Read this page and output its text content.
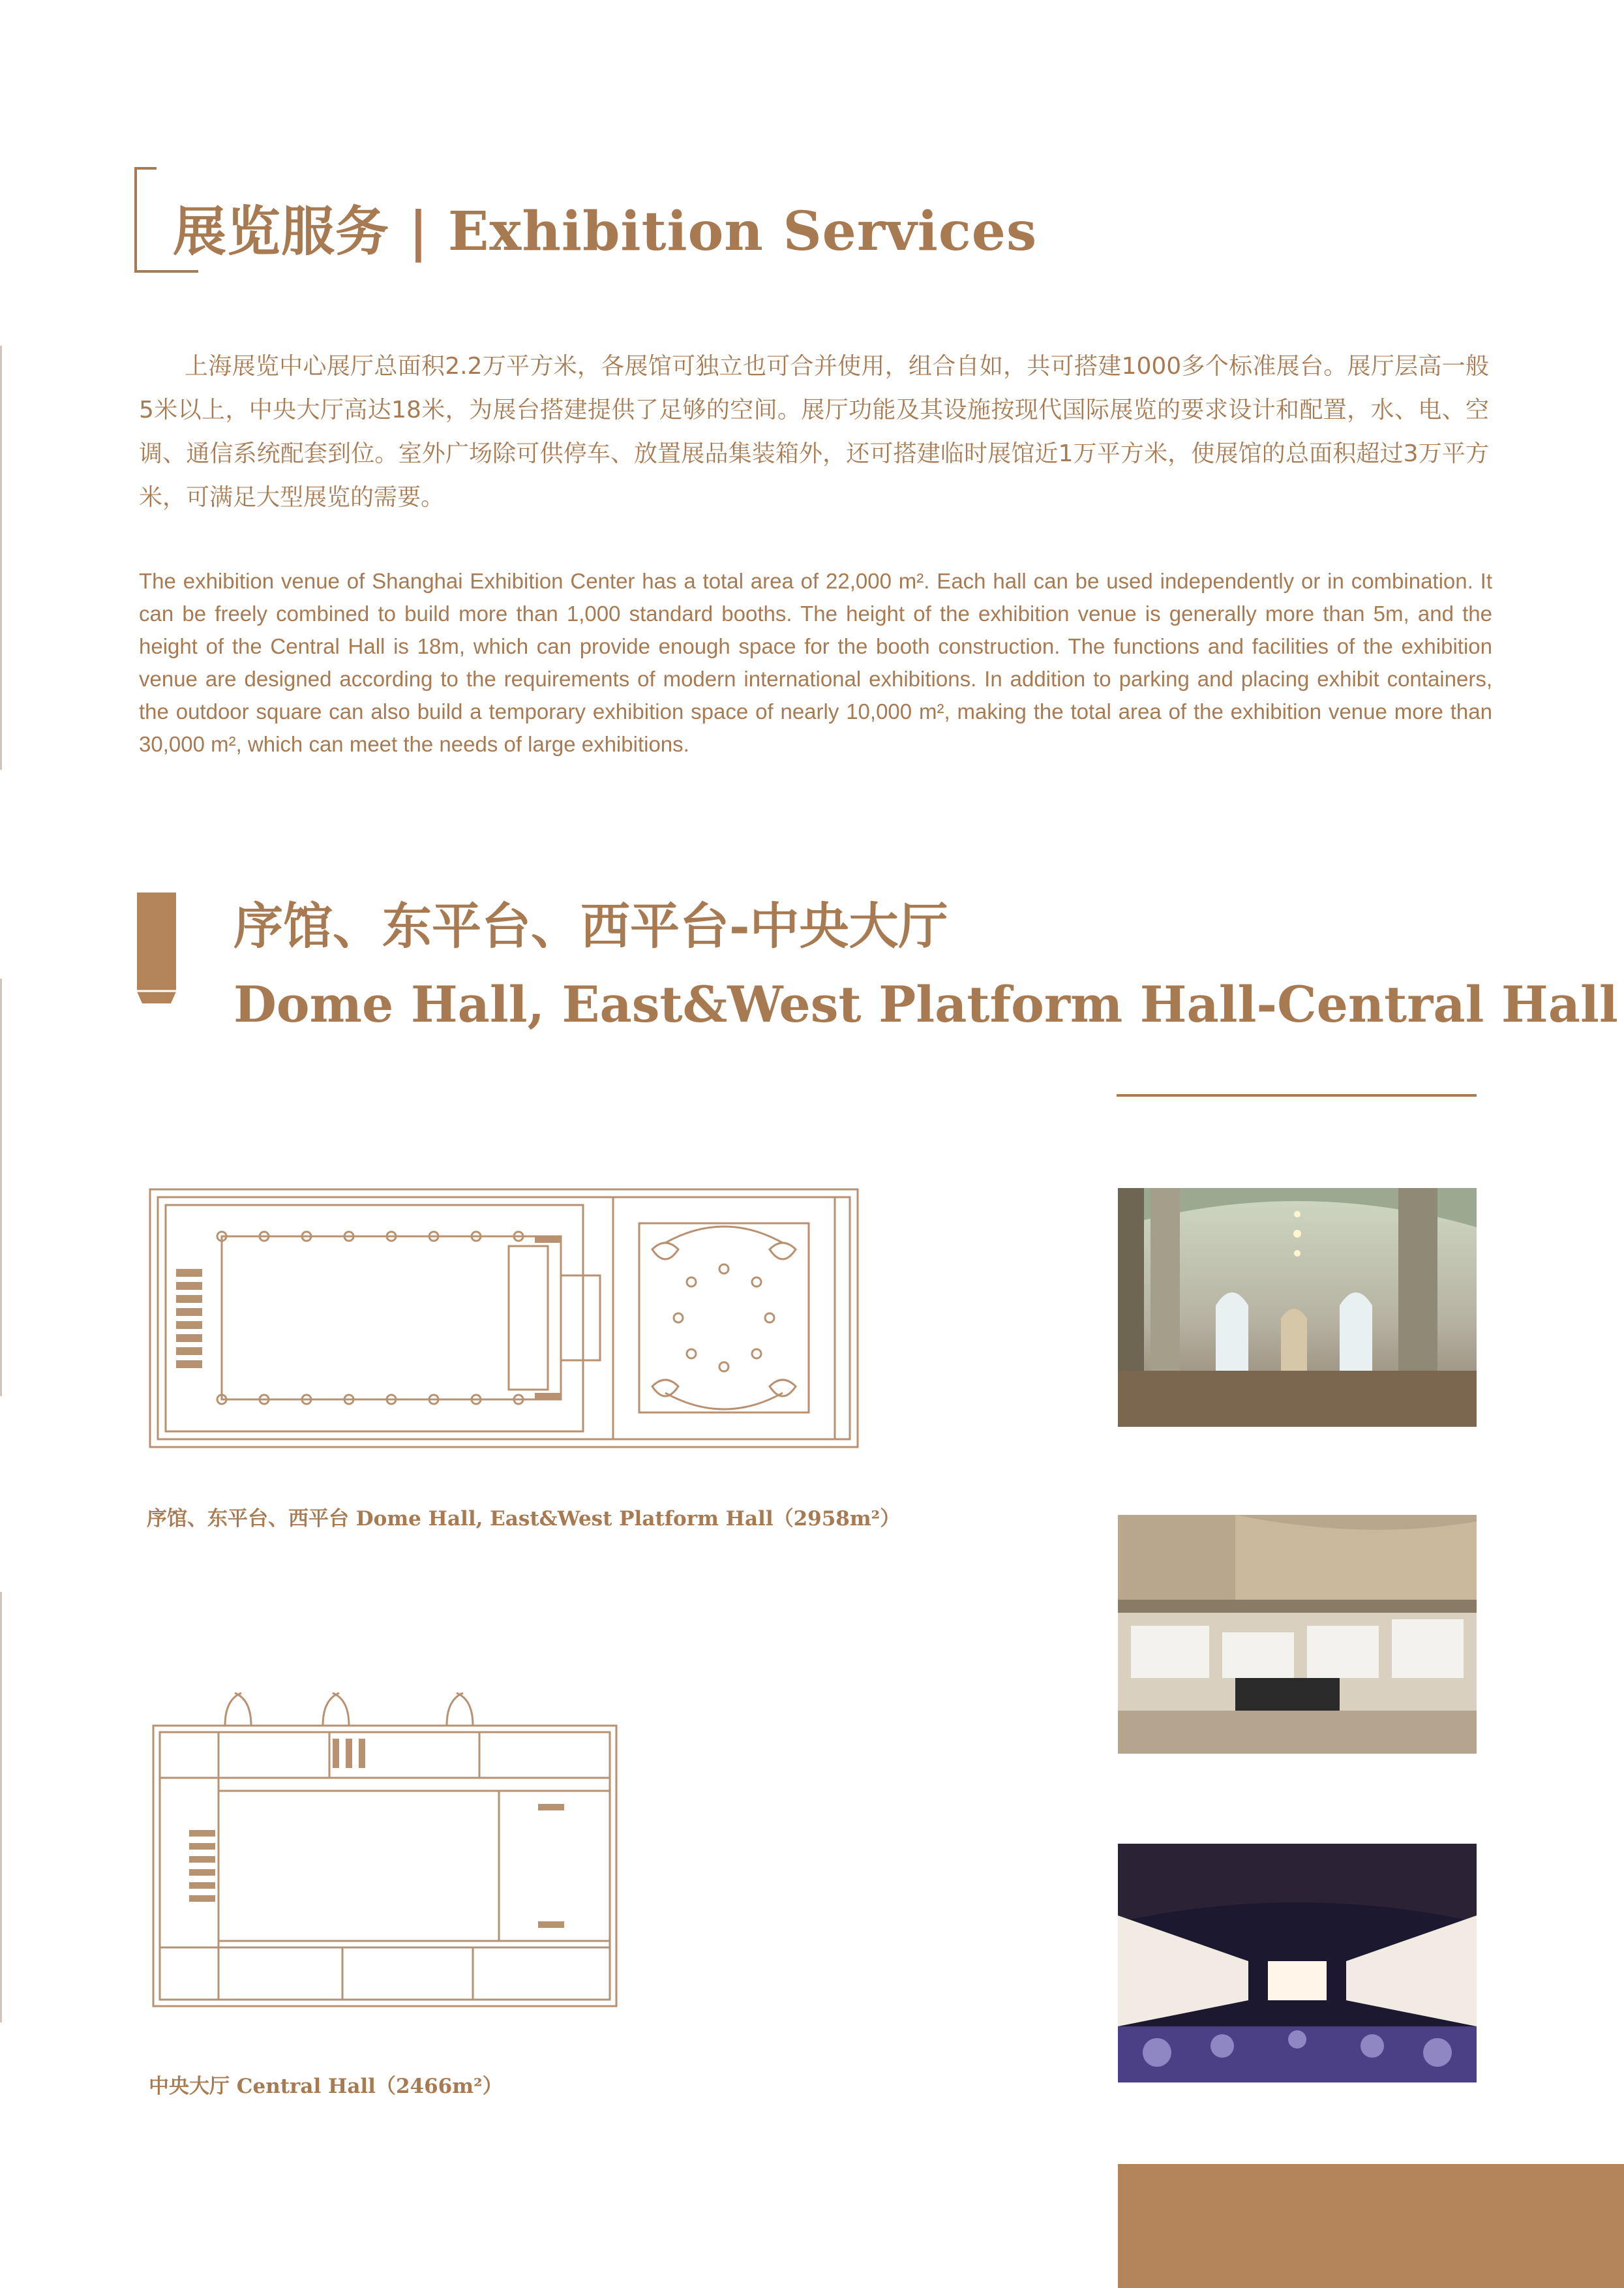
展览服务 | Exhibition Services
上海展览中心展厅总面积2.2万平方米，各展馆可独立也可合并使用，组合自如，共可搭建1000多个标准展台。展厅层高一般5米以上，中央大厅高达18米，为展台搭建提供了足够的空间。展厅功能及其设施按现代国际展览的要求设计和配置，水、电、空调、通信系统配套到位。室外广场除可供停车、放置展品集装箱外，还可搭建临时展馆近1万平方米，使展馆的总面积超过3万平方米，可满足大型展览的需要。
The exhibition venue of Shanghai Exhibition Center has a total area of 22,000 m². Each hall can be used independently or in combination. It can be freely combined to build more than 1,000 standard booths. The height of the exhibition venue is generally more than 5m, and the height of the Central Hall is 18m, which can provide enough space for the booth construction. The functions and facilities of the exhibition venue are designed according to the requirements of modern international exhibitions. In addition to parking and placing exhibit containers, the outdoor square can also build a temporary exhibition space of nearly 10,000 m², making the total area of the exhibition venue more than 30,000 m², which can meet the needs of large exhibitions.
序馆、东平台、西平台-中央大厅
Dome Hall, East&West Platform Hall-Central Hall
序馆、东平台、西平台 Dome Hall, East&West Platform Hall（2958m²）
中央大厅 Central Hall（2466m²）
